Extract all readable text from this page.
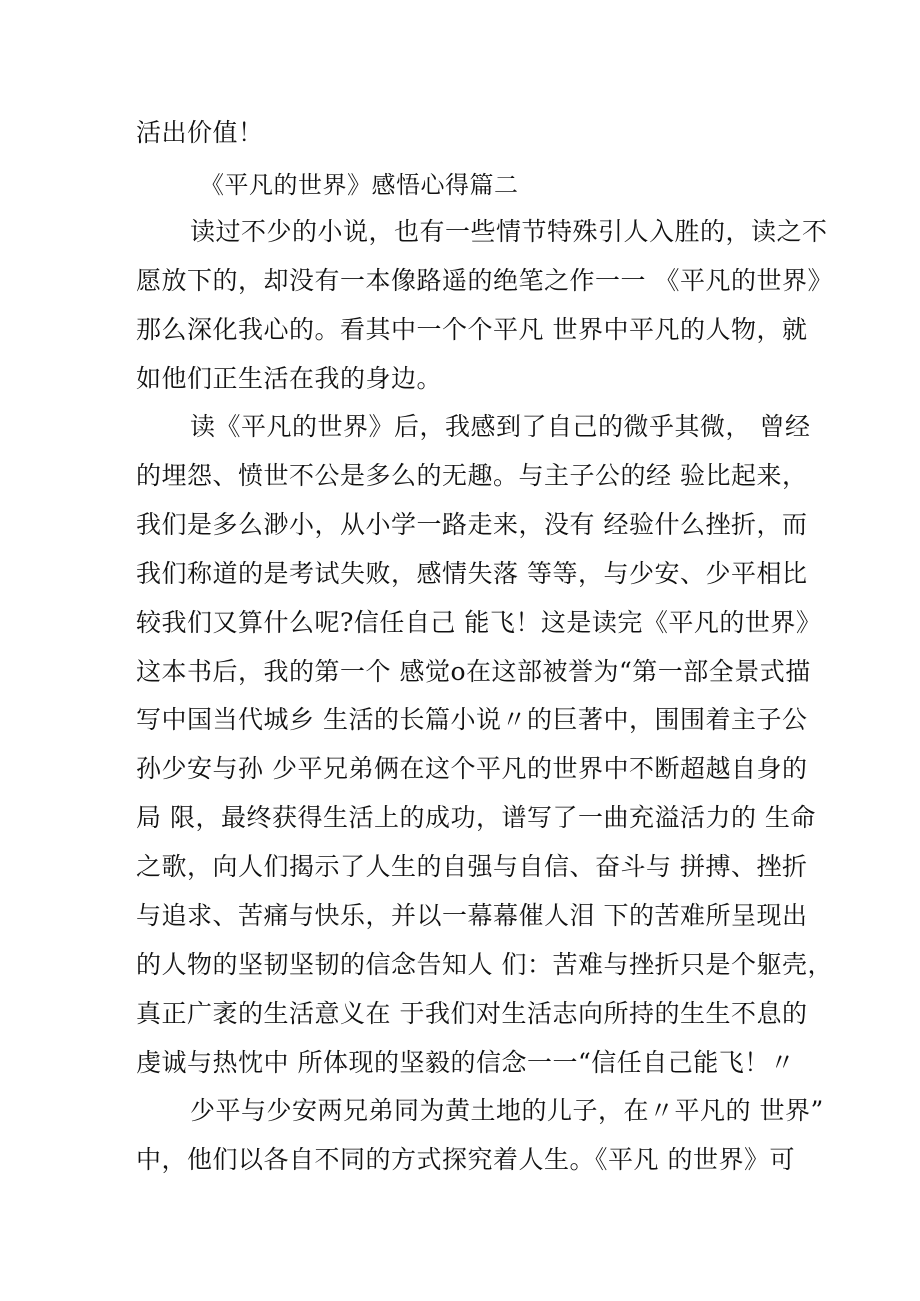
活出价值！
《平凡的世界》感悟心得篇二
读过不少的小说，也有一些情节特殊引人入胜的，读之不
愿放下的，却没有一本像路遥的绝笔之作一一 《平凡的世界》
那么深化我心的。看其中一个个平凡 世界中平凡的人物，就
如他们正生活在我的身边。
读《平凡的世界》后，我感到了自己的微乎其微， 曾经
的埋怨、愤世不公是多么的无趣。与主子公的经 验比起来，
我们是多么渺小，从小学一路走来，没有 经验什么挫折，而
我们称道的是考试失败，感情失落 等等，与少安、少平相比
较我们又算什么呢?信任自己 能飞！这是读完《平凡的世界》
这本书后，我的第一个 感觉o在这部被誉为“第一部全景式描
写中国当代城乡 生活的长篇小说〃的巨著中，围围着主子公
孙少安与孙 少平兄弟俩在这个平凡的世界中不断超越自身的
局 限，最终获得生活上的成功，谱写了一曲充溢活力的 生命
之歌，向人们揭示了人生的自强与自信、奋斗与 拼搏、挫折
与追求、苦痛与快乐，并以一幕幕催人泪 下的苦难所呈现出
的人物的坚韧坚韧的信念告知人 们：苦难与挫折只是个躯壳，
真正广袤的生活意义在 于我们对生活志向所持的生生不息的
虔诚与热忱中 所体现的坚毅的信念一一“信任自己能飞！〃
少平与少安两兄弟同为黄土地的儿子，在〃平凡的 世界”
中，他们以各自不同的方式探究着人生。《平凡 的世界》可
